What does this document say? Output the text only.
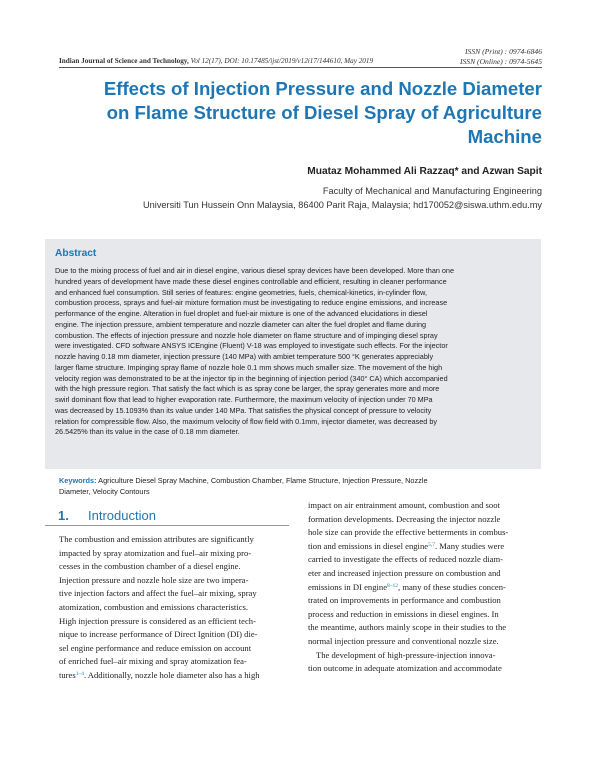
ISSN (Print) : 0974-6846
ISSN (Online) : 0974-5645
Indian Journal of Science and Technology, Vol 12(17), DOI: 10.17485/ijst/2019/v12i17/144610, May 2019
Effects of Injection Pressure and Nozzle Diameter
on Flame Structure of Diesel Spray of Agriculture
Machine
Muataz Mohammed Ali Razzaq* and Azwan Sapit
Faculty of Mechanical and Manufacturing Engineering
Universiti Tun Hussein Onn Malaysia, 86400 Parit Raja, Malaysia; hd170052@siswa.uthm.edu.my
Abstract
Due to the mixing process of fuel and air in diesel engine, various diesel spray devices have been developed. More than one
hundred years of development have made these diesel engines controllable and efficient, resulting in cleaner performance
and enhanced fuel consumption. Still series of features: engine geometries, fuels, chemical-kinetics, in-cylinder flow,
combustion process, sprays and fuel-air mixture formation must be investigating to reduce engine emissions, and increase
performance of the engine. Alteration in fuel droplet and fuel-air mixture is one of the advanced elucidations in diesel
engine. The injection pressure, ambient temperature and nozzle diameter can alter the fuel droplet and flame during
combustion. The effects of injection pressure and nozzle hole diameter on flame structure and of impinging diesel spray
were investigated. CFD software ANSYS ICEngine (Fluent) V-18 was employed to investigate such effects. For the injector
nozzle having 0.18 mm diameter, injection pressure (140 MPa) with ambiet temperature 500 °K generates appreciably
larger flame structure. Impinging spray flame of nozzle hole 0.1 mm shows much smaller size. The movement of the high
velocity region was demonstrated to be at the injector tip in the beginning of injection period (340° CA) which accompanied
with the high pressure region. That satisfy the fact which is as spray cone be larger, the spray generates more and more
swirl dominant flow that lead to higher evaporation rate. Furthermore, the maximum velocity of injection under 70 MPa
was decreased by 15.1093% than its value under 140 MPa. That satisfies the physical concept of pressure to velocity
relation for compressible flow. Also, the maximum velocity of flow field with 0.1mm, injector diameter, was decreased by
26.5425% than its value in the case of 0.18 mm diameter.
Keywords: Agriculture Diesel Spray Machine, Combustion Chamber, Flame Structure, Injection Pressure, Nozzle
Diameter, Velocity Contours
1. Introduction
The combustion and emission attributes are significantly
impacted by spray atomization and fuel–air mixing pro-
cesses in the combustion chamber of a diesel engine.
Injection pressure and nozzle hole size are two impera-
tive injection factors and affect the fuel–air mixing, spray
atomization, combustion and emissions characteristics.
High injection pressure is considered as an efficient tech-
nique to increase performance of Direct Ignition (DI) die-
sel engine performance and reduce emission on account
of enriched fuel–air mixing and spray atomization fea-
tures$^{1-4}$. Additionally, nozzle hole diameter also has a high
impact on air entrainment amount, combustion and soot
formation developments. Decreasing the injector nozzle
hole size can provide the effective betterments in combus-
tion and emissions in diesel engine$^{5,7}$. Many studies were
carried to investigate the effects of reduced nozzle diam-
eter and increased injection pressure on combustion and
emissions in DI engine$^{8-12}$, many of these studies concen-
trated on improvements in performance and combustion
process and reduction in emissions in diesel engines. In
the meantime, authors mainly scope in their studies to the
normal injection pressure and conventional nozzle size.
The development of high-pressure-injection innova-
tion outcome in adequate atomization and accommodate
